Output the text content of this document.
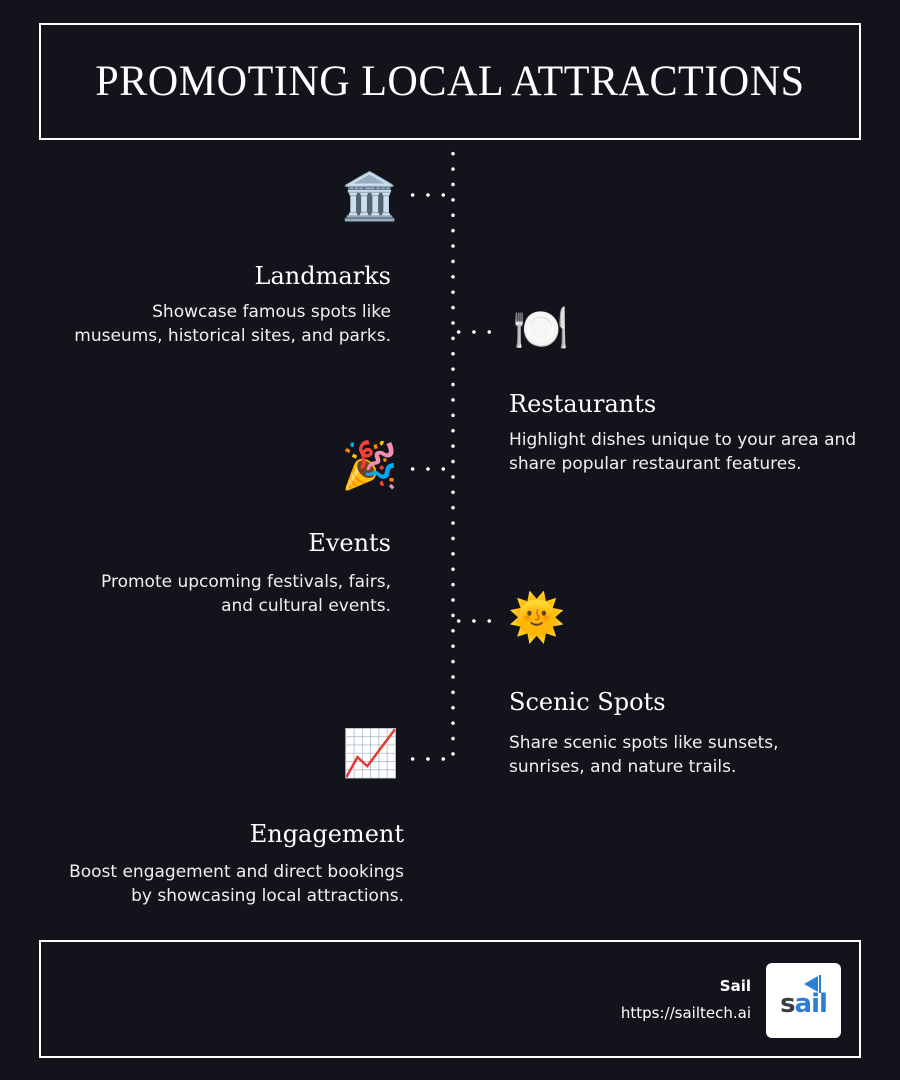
PROMOTING LOCAL ATTRACTIONS
🏛️
Landmarks

Showcase famous spots like
museums, historical sites, and parks.	🍽️
Restaurants

Highlight dishes unique to your area and
share popular restaurant features.

🎉
Events

Promote upcoming festivals, fairs,
and cultural events.	🌞
Scenic Spots

Share scenic spots like sunsets,
sunrises, and nature trails.

📈
Engagement

Boost engagement and direct bookings
by showcasing local attractions.

Sail
https://sailtech.ai	sail
